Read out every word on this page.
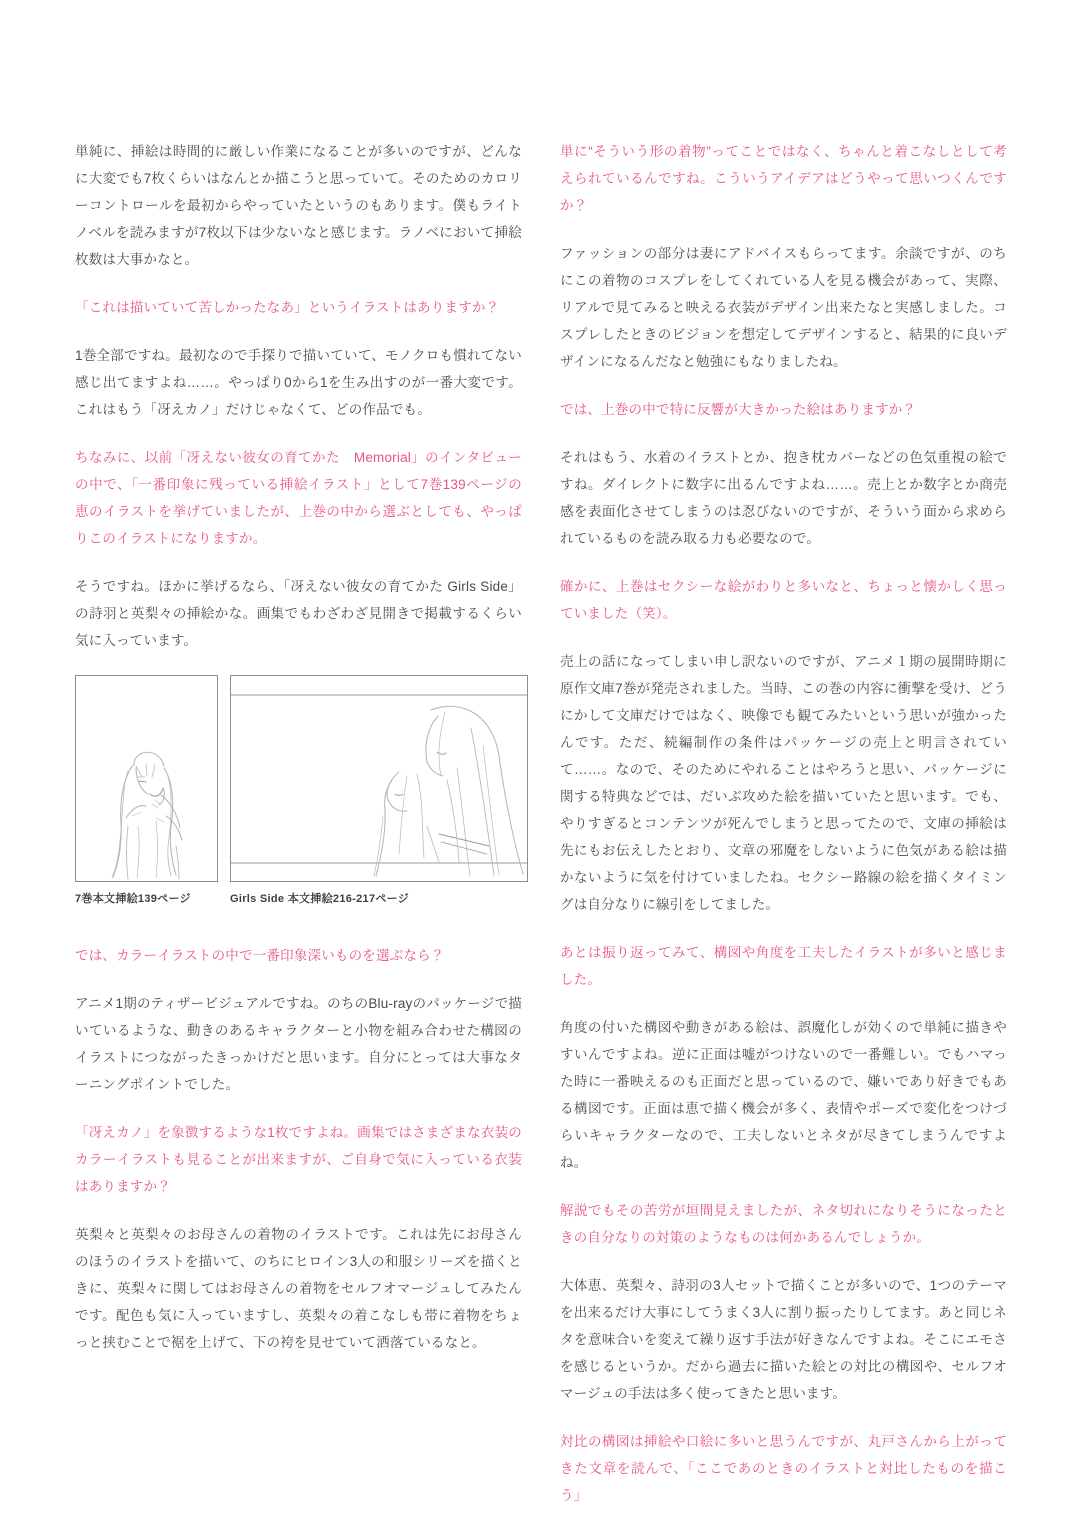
単純に、挿絵は時間的に厳しい作業になることが多いのですが、どんなに大変でも7枚くらいはなんとか描こうと思っていて。そのためのカロリーコントロールを最初からやっていたというのもあります。僕もライトノベルを読みますが7枚以下は少ないなと感じます。ラノベにおいて挿絵枚数は大事かなと。

「これは描いていて苦しかったなあ」というイラストはありますか？

1巻全部ですね。最初なので手探りで描いていて、モノクロも慣れてない感じ出てますよね……。やっぱり0から1を生み出すのが一番大変です。これはもう「冴えカノ」だけじゃなくて、どの作品でも。

ちなみに、以前「冴えない彼女の育てかた　Memorial」のインタビューの中で、「一番印象に残っている挿絵イラスト」として7巻139ページの恵のイラストを挙げていましたが、上巻の中から選ぶとしても、やっぱりこのイラストになりますか。

そうですね。ほかに挙げるなら、「冴えない彼女の育てかた Girls Side」の詩羽と英梨々の挿絵かな。画集でもわざわざ見開きで掲載するくらい気に入っています。

7巻本文挿絵139ページ	Girls Side 本文挿絵216-217ページ

では、カラーイラストの中で一番印象深いものを選ぶなら？

アニメ1期のティザービジュアルですね。のちのBlu-rayのパッケージで描いているような、動きのあるキャラクターと小物を組み合わせた構図のイラストにつながったきっかけだと思います。自分にとっては大事なターニングポイントでした。

「冴えカノ」を象徴するような1枚ですよね。画集ではさまざまな衣装のカラーイラストも見ることが出来ますが、ご自身で気に入っている衣装はありますか？

英梨々と英梨々のお母さんの着物のイラストです。これは先にお母さんのほうのイラストを描いて、のちにヒロイン3人の和服シリーズを描くときに、英梨々に関してはお母さんの着物をセルフオマージュしてみたんです。配色も気に入っていますし、英梨々の着こなしも帯に着物をちょっと挟むことで裾を上げて、下の袴を見せていて洒落ているなと。

単に“そういう形の着物”ってことではなく、ちゃんと着こなしとして考えられているんですね。こういうアイデアはどうやって思いつくんですか？

ファッションの部分は妻にアドバイスもらってます。余談ですが、のちにこの着物のコスプレをしてくれている人を見る機会があって、実際、リアルで見てみると映える衣装がデザイン出来たなと実感しました。コスプレしたときのビジョンを想定してデザインすると、結果的に良いデザインになるんだなと勉強にもなりましたね。

では、上巻の中で特に反響が大きかった絵はありますか？

それはもう、水着のイラストとか、抱き枕カバーなどの色気重視の絵ですね。ダイレクトに数字に出るんですよね……。売上とか数字とか商売感を表面化させてしまうのは忍びないのですが、そういう面から求められているものを読み取る力も必要なので。

確かに、上巻はセクシーな絵がわりと多いなと、ちょっと懐かしく思っていました（笑）。

売上の話になってしまい申し訳ないのですが、アニメ１期の展開時期に原作文庫7巻が発売されました。当時、この巻の内容に衝撃を受け、どうにかして文庫だけではなく、映像でも観てみたいという思いが強かったんです。ただ、続編制作の条件はパッケージの売上と明言されていて……。なので、そのためにやれることはやろうと思い、パッケージに関する特典などでは、だいぶ攻めた絵を描いていたと思います。でも、やりすぎるとコンテンツが死んでしまうと思ってたので、文庫の挿絵は先にもお伝えしたとおり、文章の邪魔をしないように色気がある絵は描かないように気を付けていましたね。セクシー路線の絵を描くタイミングは自分なりに線引をしてました。

あとは振り返ってみて、構図や角度を工夫したイラストが多いと感じました。

角度の付いた構図や動きがある絵は、誤魔化しが効くので単純に描きやすいんですよね。逆に正面は嘘がつけないので一番難しい。でもハマった時に一番映えるのも正面だと思っているので、嫌いであり好きでもある構図です。正面は恵で描く機会が多く、表情やポーズで変化をつけづらいキャラクターなので、工夫しないとネタが尽きてしまうんですよね。

解説でもその苦労が垣間見えましたが、ネタ切れになりそうになったときの自分なりの対策のようなものは何かあるんでしょうか。

大体恵、英梨々、詩羽の3人セットで描くことが多いので、1つのテーマを出来るだけ大事にしてうまく3人に割り振ったりしてます。あと同じネタを意味合いを変えて繰り返す手法が好きなんですよね。そこにエモさを感じるというか。だから過去に描いた絵との対比の構図や、セルフオマージュの手法は多く使ってきたと思います。

対比の構図は挿絵や口絵に多いと思うんですが、丸戸さんから上がってきた文章を読んで、「ここであのときのイラストと対比したものを描こう」
